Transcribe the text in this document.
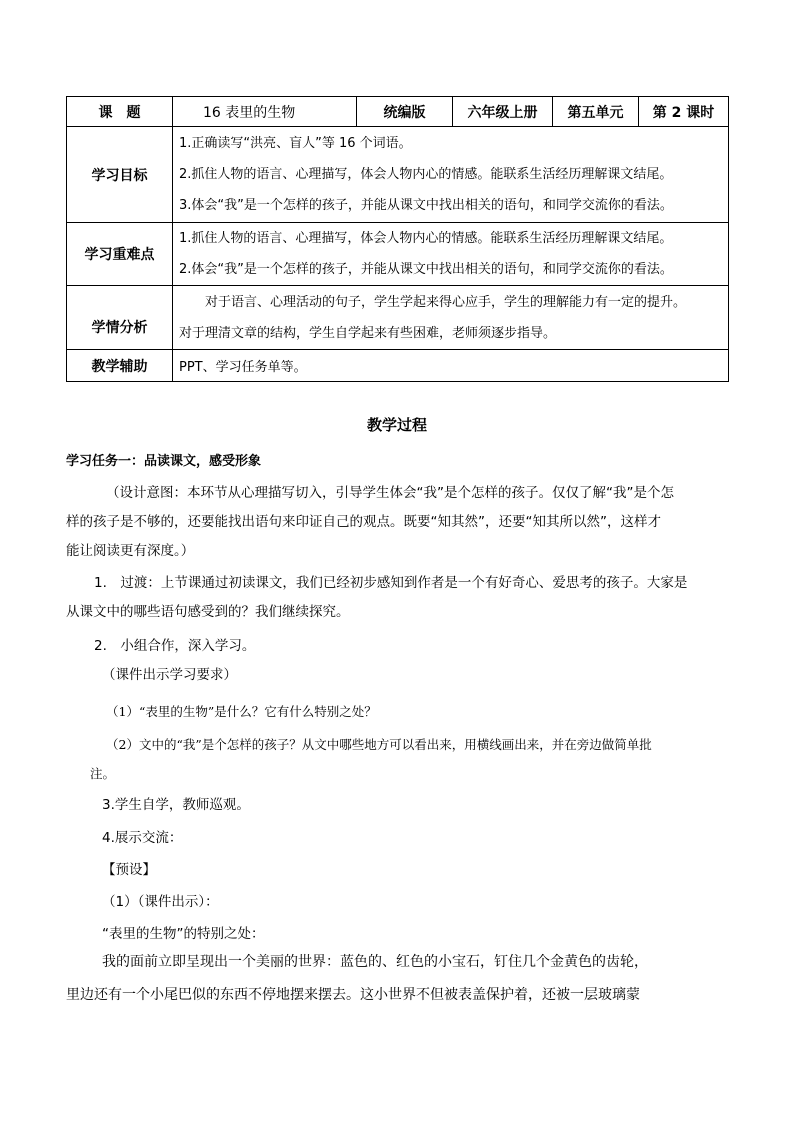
课　题	16 表里的生物	统编版	六年级上册	第五单元	第 2 课时
学习目标	1.正确读写“洪亮、盲人”等 16 个词语。

2.抓住人物的语言、心理描写，体会人物内心的情感。能联系生活经历理解课文结尾。

3.体会“我”是一个怎样的孩子，并能从课文中找出相关的语句，和同学交流你的看法。				

学习重难点	1.抓住人物的语言、心理描写，体会人物内心的情感。能联系生活经历理解课文结尾。

2.体会“我”是一个怎样的孩子，并能从课文中找出相关的语句，和同学交流你的看法。				

学情分析	对于语言、心理活动的句子，学生学起来得心应手，学生的理解能力有一定的提升。

对于理清文章的结构，学生自学起来有些困难，老师须逐步指导。				

教学辅助	PPT、学习任务单等。				
教学过程
学习任务一：品读课文，感受形象

（设计意图：本环节从心理描写切入，引导学生体会“我”是个怎样的孩子。仅仅了解“我”是个怎

样的孩子是不够的，还要能找出语句来印证自己的观点。既要“知其然”，还要“知其所以然”，这样才

能让阅读更有深度。）

1.　过渡：上节课通过初读课文，我们已经初步感知到作者是一个有好奇心、爱思考的孩子。大家是

从课文中的哪些语句感受到的？我们继续探究。

2.　小组合作，深入学习。

（课件出示学习要求）

（1）“表里的生物”是什么？它有什么特别之处？

（2）文中的“我”是个怎样的孩子？从文中哪些地方可以看出来，用横线画出来，并在旁边做简单批

注。

3.学生自学，教师巡观。

4.展示交流：

【预设】

（1）（课件出示）：

“表里的生物”的特别之处：

我的面前立即呈现出一个美丽的世界：蓝色的、红色的小宝石，钉住几个金黄色的齿轮，

里边还有一个小尾巴似的东西不停地摆来摆去。这小世界不但被表盖保护着，还被一层玻璃蒙
